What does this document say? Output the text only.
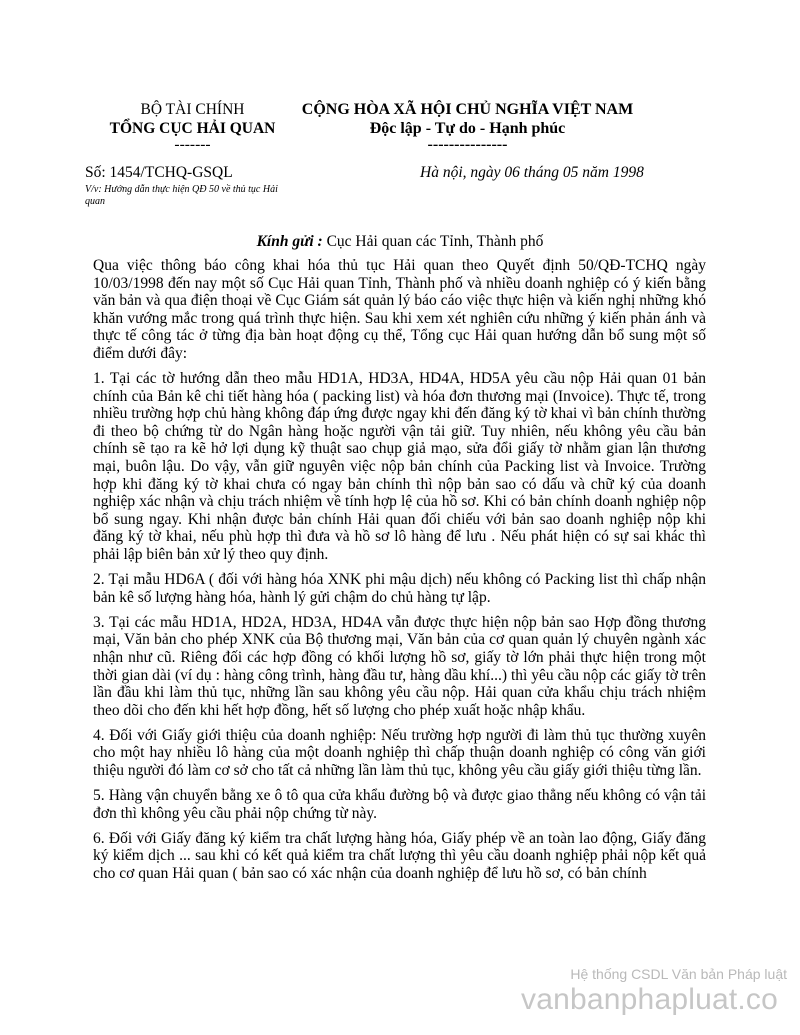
BỘ TÀI CHÍNH
TỔNG CỤC HẢI QUAN
-------
CỘNG HÒA XÃ HỘI CHỦ NGHĨA VIỆT NAM
Độc lập - Tự do - Hạnh phúc
---------------
Số: 1454/TCHQ-GSQL	Hà nội, ngày 06 tháng 05 năm 1998
V/v: Hướng dẫn thực hiện QĐ 50 về thủ tục Hải quan
Kính gửi : Cục Hải quan các Tỉnh, Thành phố

Qua việc thông báo công khai hóa thủ tục Hải quan theo Quyết định 50/QĐ-TCHQ ngày 10/03/1998 đến nay một số Cục Hải quan Tỉnh, Thành phố và nhiều doanh nghiệp có ý kiến bằng văn bản và qua điện thoại về Cục Giám sát quản lý báo cáo việc thực hiện và kiến nghị những khó khăn vướng mắc trong quá trình thực hiện. Sau khi xem xét nghiên cứu những ý kiến phản ánh và thực tế công tác ở từng địa bàn hoạt động cụ thể, Tổng cục Hải quan hướng dẫn bổ sung một số điểm dưới đây:

1. Tại các tờ hướng dẫn theo mẫu HD1A, HD3A, HD4A, HD5A yêu cầu nộp Hải quan 01 bản chính của Bản kê chi tiết hàng hóa ( packing list) và hóa đơn thương mại (Invoice). Thực tế, trong nhiều trường hợp chủ hàng không đáp ứng được ngay khi đến đăng ký tờ khai vì bản chính thường đi theo bộ chứng từ do Ngân hàng hoặc người vận tải giữ. Tuy nhiên, nếu không yêu cầu bản chính sẽ tạo ra kẽ hở lợi dụng kỹ thuật sao chụp giả mạo, sửa đổi giấy tờ nhằm gian lận thương mại, buôn lậu. Do vậy, vẫn giữ nguyên việc nộp bản chính của Packing list và Invoice. Trường hợp khi đăng ký tờ khai chưa có ngay bản chính thì nộp bản sao có dấu và chữ ký của doanh nghiệp xác nhận và chịu trách nhiệm về tính hợp lệ của hồ sơ. Khi có bản chính doanh nghiệp nộp bổ sung ngay. Khi nhận được bản chính Hải quan đối chiếu với bản sao doanh nghiệp nộp khi đăng ký tờ khai, nếu phù hợp thì đưa và hồ sơ lô hàng để lưu . Nếu phát hiện có sự sai khác thì phải lập biên bản xử lý theo quy định.

2. Tại mẫu HD6A ( đối với hàng hóa XNK phi mậu dịch) nếu không có Packing list thì chấp nhận bản kê số lượng hàng hóa, hành lý gửi chậm do chủ hàng tự lập.

3. Tại các mẫu HD1A, HD2A, HD3A, HD4A vẫn được thực hiện nộp bản sao Hợp đồng thương mại, Văn bản cho phép XNK của Bộ thương mại, Văn bản của cơ quan quản lý chuyên ngành xác nhận như cũ. Riêng đối các hợp đồng có khối lượng hồ sơ, giấy tờ lớn phải thực hiện trong một thời gian dài (ví dụ : hàng công trình, hàng đầu tư, hàng dầu khí...) thì yêu cầu nộp các giấy tờ trên lần đầu khi làm thủ tục, những lần sau không yêu cầu nộp. Hải quan cửa khẩu chịu trách nhiệm theo dõi cho đến khi hết hợp đồng, hết số lượng cho phép xuất hoặc nhập khẩu.

4. Đối với Giấy giới thiệu của doanh nghiệp: Nếu trường hợp người đi làm thủ tục thường xuyên cho một hay nhiều lô hàng của một doanh nghiệp thì chấp thuận doanh nghiệp có công văn giới thiệu người đó làm cơ sở cho tất cả những lần làm thủ tục, không yêu cầu giấy giới thiệu từng lần.

5. Hàng vận chuyển bằng xe ô tô qua cửa khẩu đường bộ và được giao thẳng nếu không có vận tải đơn thì không yêu cầu phải nộp chứng từ này.

6. Đối với Giấy đăng ký kiểm tra chất lượng hàng hóa, Giấy phép về an toàn lao động, Giấy đăng ký kiểm dịch ... sau khi có kết quả kiểm tra chất lượng thì yêu cầu doanh nghiệp phải nộp kết quả cho cơ quan Hải quan ( bản sao có xác nhận của doanh nghiệp để lưu hồ sơ, có bản chính

Hệ thống CSDL Văn bản Pháp luật
vanbanphapluat.co
